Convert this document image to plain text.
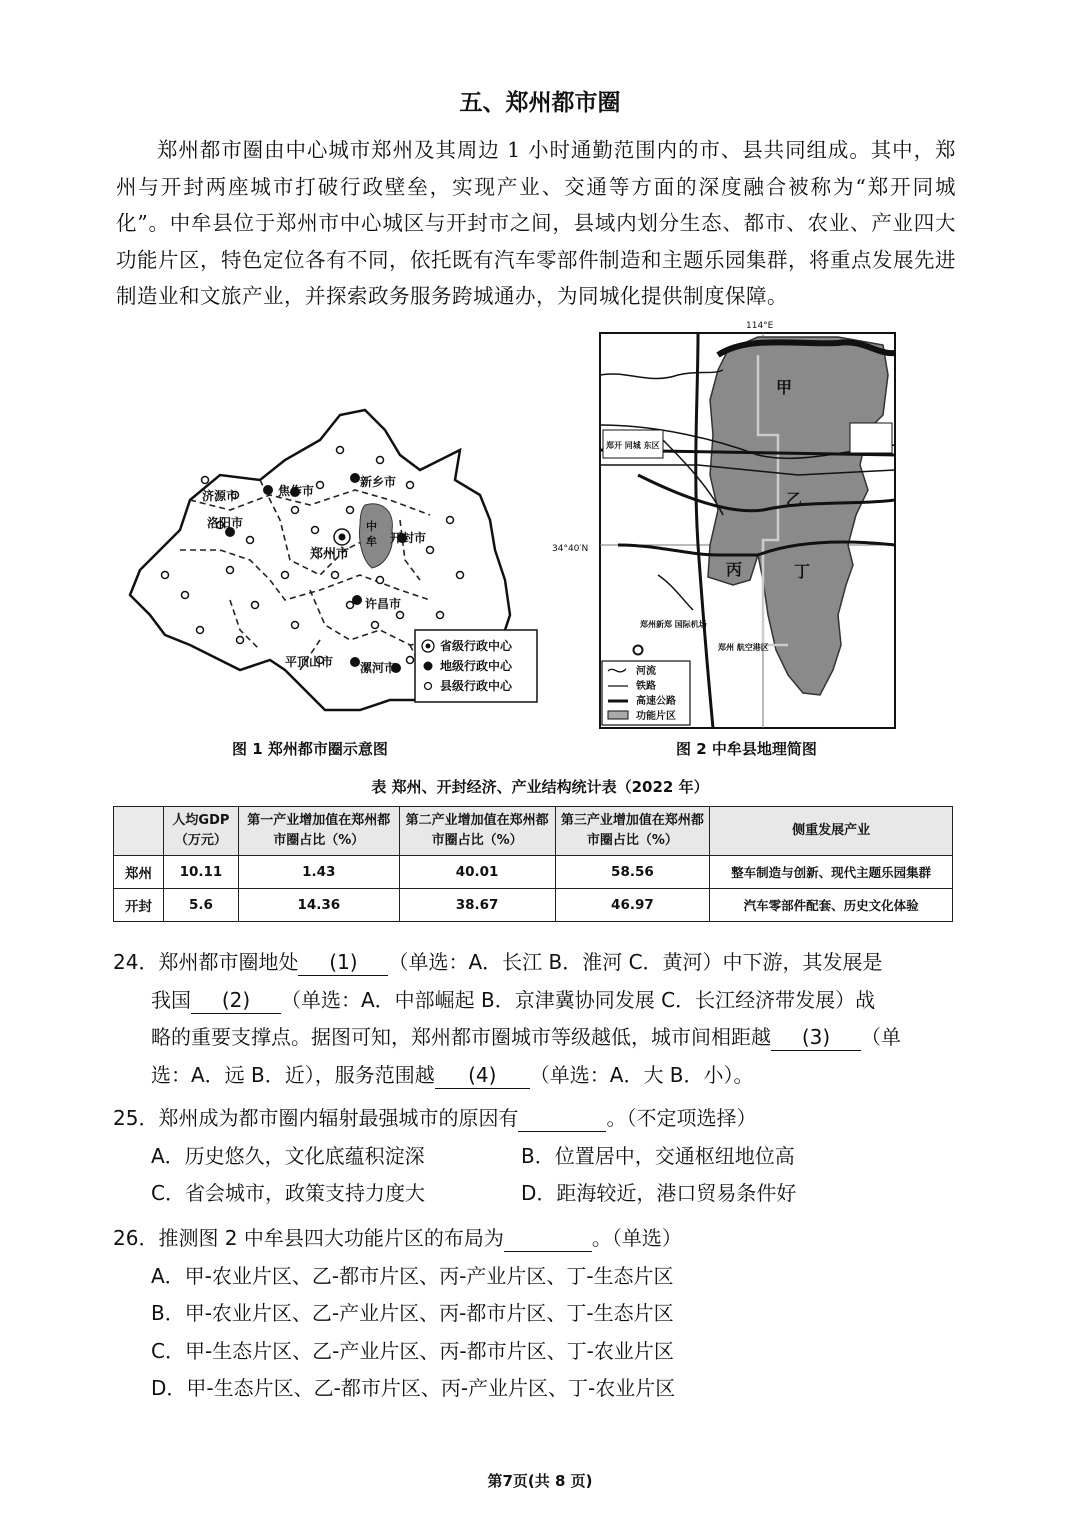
五、郑州都市圈
郑州都市圈由中心城市郑州及其周边 1 小时通勤范围内的市、县共同组成。其中，郑州与开封两座城市打破行政壁垒，实现产业、交通等方面的深度融合被称为“郑开同城化”。中牟县位于郑州市中心城区与开封市之间，县域内划分生态、都市、农业、产业四大功能片区，特色定位各有不同，依托既有汽车零部件制造和主题乐园集群，将重点发展先进制造业和文旅产业，并探索政务服务跨城通办，为同城化提供制度保障。
济源市	焦作市
新乡市
洛阳市
郑州市
中
牟 开封市
许昌市
平顶山市 漯河市
省级行政中心
地级行政中心
县级行政中心
图 1 郑州都市圈示意图
114°E
34°40′N
郑开 同城 东区
郑州新郑 国际机场
郑州 航空港区
甲
乙
丙	丁
河流
铁路
高速公路
功能片区
图 2 中牟县地理简图
表 郑州、开封经济、产业结构统计表（2022 年）
	人均GDP（万元）	第一产业增加值在郑州都市圈占比（%）	第二产业增加值在郑州都市圈占比（%）	第三产业增加值在郑州都市圈占比（%）	侧重发展产业
郑州	10.11	1.43	40.01	58.56	整车制造与创新、现代主题乐园集群
开封	5.6	14.36	38.67	46.97	汽车零部件配套、历史文化体验
24．郑州都市圈地处 (1) （单选：A．长江 B．淮河 C．黄河）中下游，其发展是
我国 (2) （单选：A．中部崛起 B．京津冀协同发展 C．长江经济带发展）战
略的重要支撑点。据图可知，郑州都市圈城市等级越低，城市间相距越 (3) （单
选：A．远 B．近），服务范围越 (4) （单选：A．大 B．小）。
25．郑州成为都市圈内辐射最强城市的原因有	。（不定项选择）
A．历史悠久，文化底蕴积淀深	B．位置居中，交通枢纽地位高
C．省会城市，政策支持力度大	D．距海较近，港口贸易条件好
26．推测图 2 中牟县四大功能片区的布局为	。（单选）
A．甲-农业片区、乙-都市片区、丙-产业片区、丁-生态片区
B．甲-农业片区、乙-产业片区、丙-都市片区、丁-生态片区
C．甲-生态片区、乙-产业片区、丙-都市片区、丁-农业片区
D．甲-生态片区、乙-都市片区、丙-产业片区、丁-农业片区
第7页(共 8 页)
